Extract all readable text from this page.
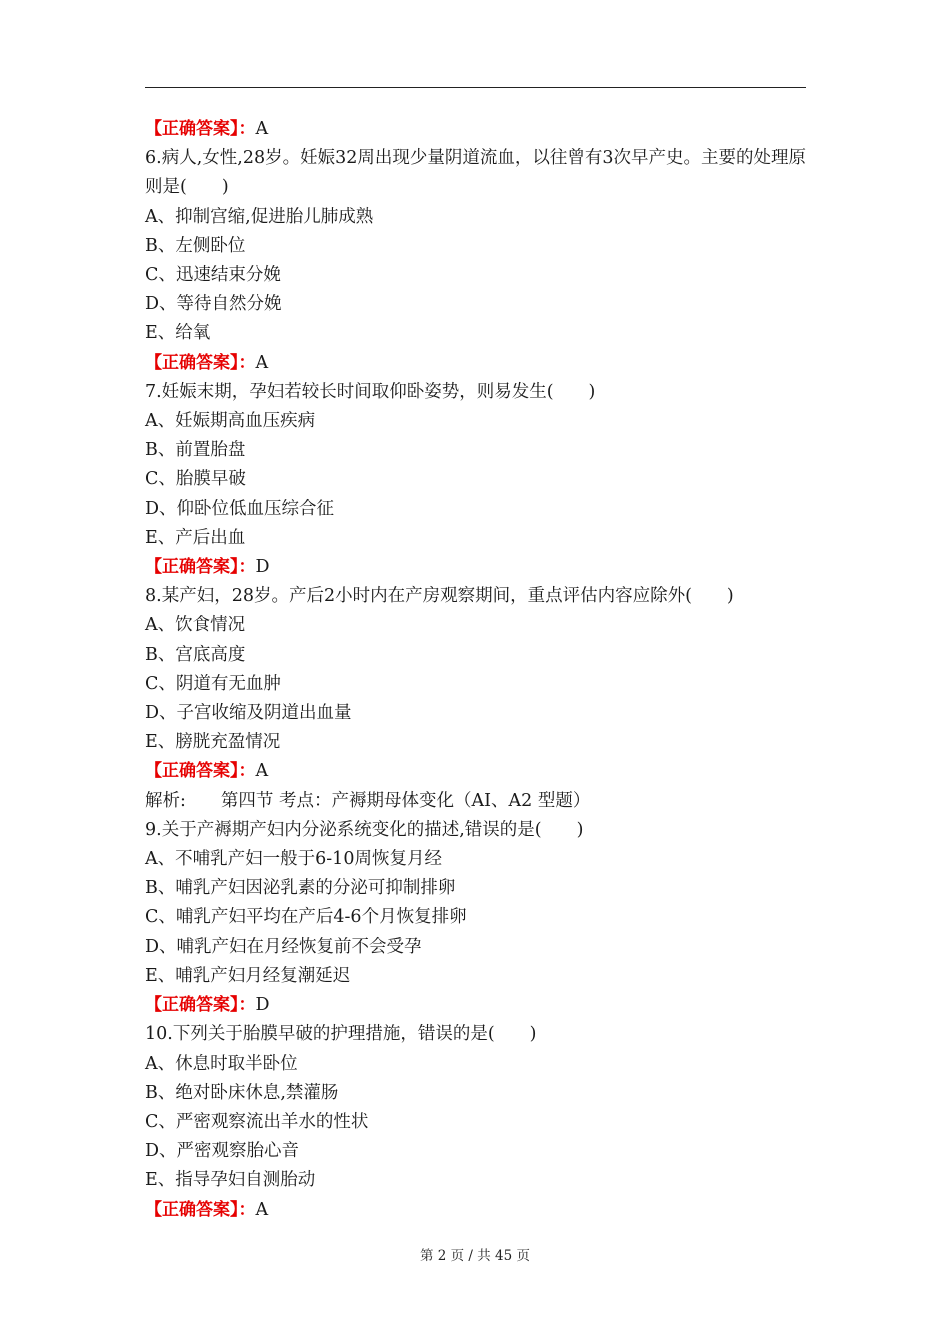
【正确答案】：A
6.病人,女性,28岁。妊娠32周出现少量阴道流血，以往曾有3次早产史。主要的处理原则是(　　)
A、抑制宫缩,促进胎儿肺成熟
B、左侧卧位
C、迅速结束分娩
D、等待自然分娩
E、给氧
【正确答案】：A
7.妊娠末期，孕妇若较长时间取仰卧姿势，则易发生(　　)
A、妊娠期高血压疾病
B、前置胎盘
C、胎膜早破
D、仰卧位低血压综合征
E、产后出血
【正确答案】：D
8.某产妇，28岁。产后2小时内在产房观察期间，重点评估内容应除外(　　)
A、饮食情况
B、宫底高度
C、阴道有无血肿
D、子宫收缩及阴道出血量
E、膀胱充盈情况
【正确答案】：A
解析:　　第四节 考点：产褥期母体变化（AI、A2 型题）
9.关于产褥期产妇内分泌系统变化的描述,错误的是(　　)
A、不哺乳产妇一般于6-10周恢复月经
B、哺乳产妇因泌乳素的分泌可抑制排卵
C、哺乳产妇平均在产后4-6个月恢复排卵
D、哺乳产妇在月经恢复前不会受孕
E、哺乳产妇月经复潮延迟
【正确答案】：D
10.下列关于胎膜早破的护理措施，错误的是(　　)
A、休息时取半卧位
B、绝对卧床休息,禁灌肠
C、严密观察流出羊水的性状
D、严密观察胎心音
E、指导孕妇自测胎动
【正确答案】：A
第 2 页 / 共 45 页
